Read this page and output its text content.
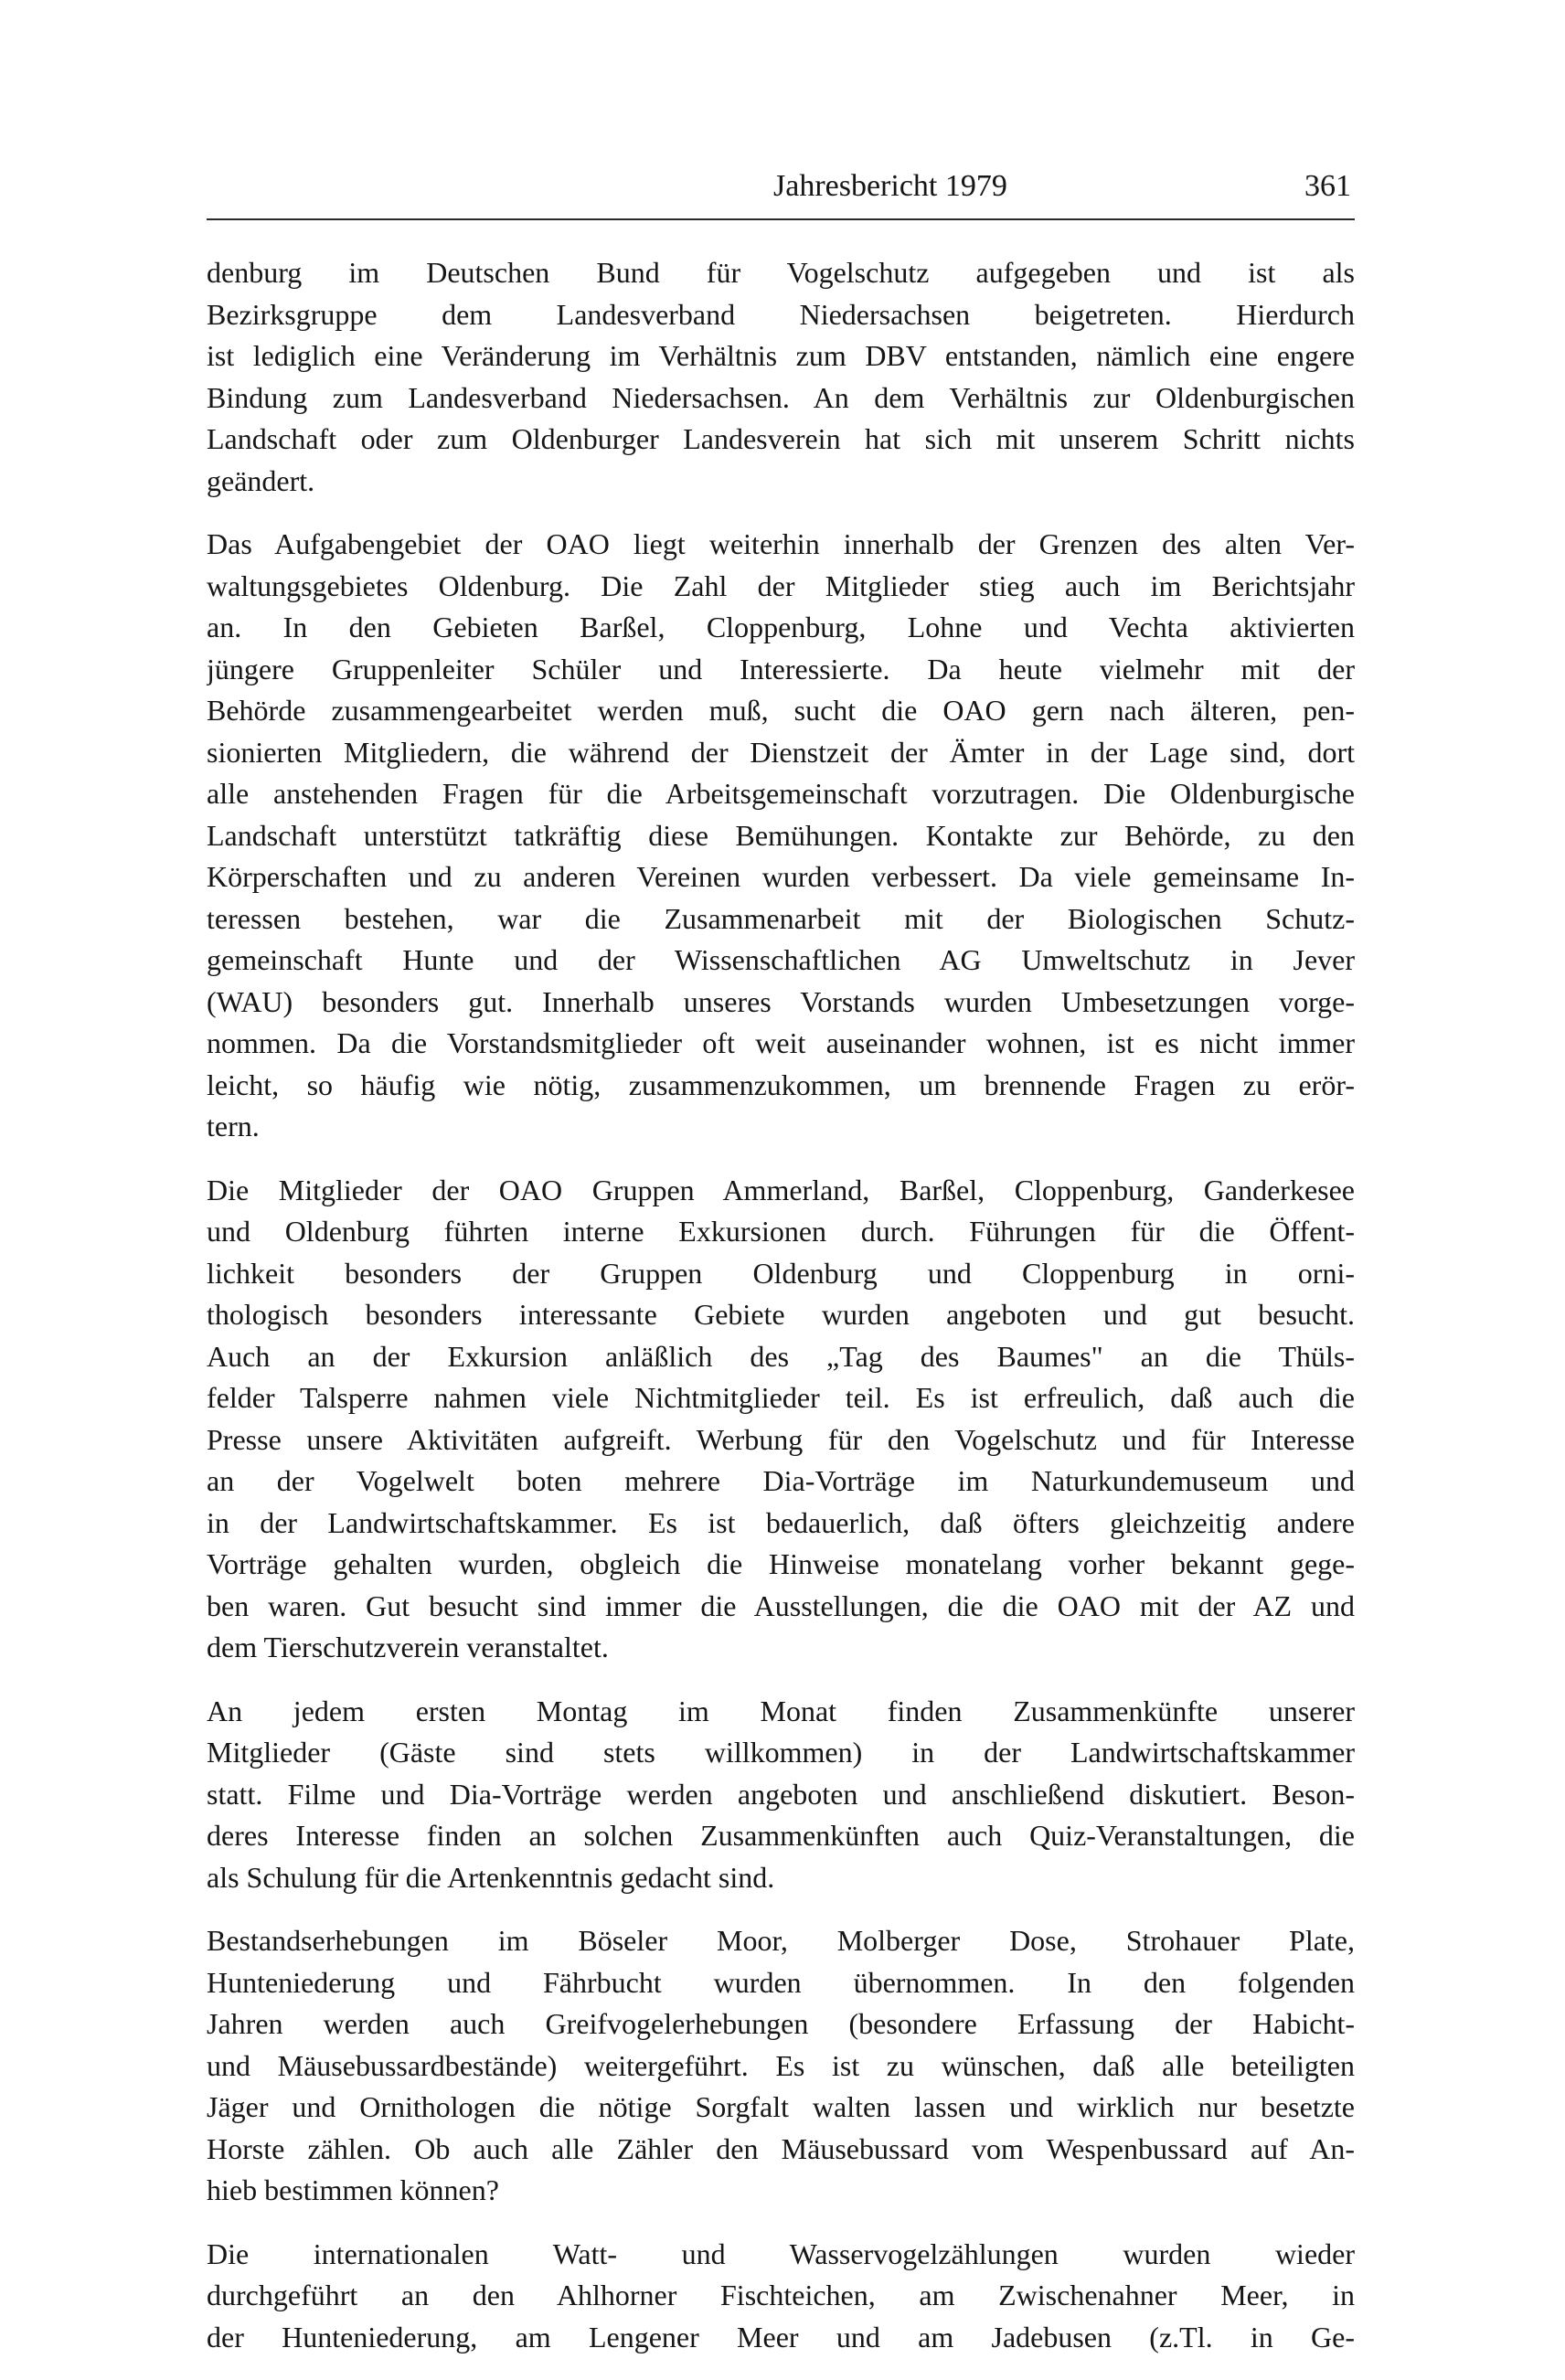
Jahresbericht 1979	361

denburg im Deutschen Bund für Vogelschutz aufgegeben und ist als
Bezirksgruppe dem Landesverband Niedersachsen beigetreten. Hierdurch
ist lediglich eine Veränderung im Verhältnis zum DBV entstanden, nämlich eine engere
Bindung zum Landesverband Niedersachsen. An dem Verhältnis zur Oldenburgischen
Landschaft oder zum Oldenburger Landesverein hat sich mit unserem Schritt nichts
geändert.

Das Aufgabengebiet der OAO liegt weiterhin innerhalb der Grenzen des alten Ver-
waltungsgebietes Oldenburg. Die Zahl der Mitglieder stieg auch im Berichtsjahr
an. In den Gebieten Barßel, Cloppenburg, Lohne und Vechta aktivierten
jüngere Gruppenleiter Schüler und Interessierte. Da heute vielmehr mit der
Behörde zusammengearbeitet werden muß, sucht die OAO gern nach älteren, pen-
sionierten Mitgliedern, die während der Dienstzeit der Ämter in der Lage sind, dort
alle anstehenden Fragen für die Arbeitsgemeinschaft vorzutragen. Die Oldenburgische
Landschaft unterstützt tatkräftig diese Bemühungen. Kontakte zur Behörde, zu den
Körperschaften und zu anderen Vereinen wurden verbessert. Da viele gemeinsame In-
teressen bestehen, war die Zusammenarbeit mit der Biologischen Schutz-
gemeinschaft Hunte und der Wissenschaftlichen AG Umweltschutz in Jever
(WAU) besonders gut. Innerhalb unseres Vorstands wurden Umbesetzungen vorge-
nommen. Da die Vorstandsmitglieder oft weit auseinander wohnen, ist es nicht immer
leicht, so häufig wie nötig, zusammenzukommen, um brennende Fragen zu erör-
tern.

Die Mitglieder der OAO Gruppen Ammerland, Barßel, Cloppenburg, Ganderkesee
und Oldenburg führten interne Exkursionen durch. Führungen für die Öffent-
lichkeit besonders der Gruppen Oldenburg und Cloppenburg in orni-
thologisch besonders interessante Gebiete wurden angeboten und gut besucht.
Auch an der Exkursion anläßlich des „Tag des Baumes" an die Thüls-
felder Talsperre nahmen viele Nichtmitglieder teil. Es ist erfreulich, daß auch die
Presse unsere Aktivitäten aufgreift. Werbung für den Vogelschutz und für Interesse
an der Vogelwelt boten mehrere Dia-Vorträge im Naturkundemuseum und
in der Landwirtschaftskammer. Es ist bedauerlich, daß öfters gleichzeitig andere
Vorträge gehalten wurden, obgleich die Hinweise monatelang vorher bekannt gege-
ben waren. Gut besucht sind immer die Ausstellungen, die die OAO mit der AZ und
dem Tierschutzverein veranstaltet.

An jedem ersten Montag im Monat finden Zusammenkünfte unserer
Mitglieder (Gäste sind stets willkommen) in der Landwirtschaftskammer
statt. Filme und Dia-Vorträge werden angeboten und anschließend diskutiert. Beson-
deres Interesse finden an solchen Zusammenkünften auch Quiz-Veranstaltungen, die
als Schulung für die Artenkenntnis gedacht sind.

Bestandserhebungen im Böseler Moor, Molberger Dose, Strohauer Plate,
Hunteniederung und Fährbucht wurden übernommen. In den folgenden
Jahren werden auch Greifvogelerhebungen (besondere Erfassung der Habicht-
und Mäusebussardbestände) weitergeführt. Es ist zu wünschen, daß alle beteiligten
Jäger und Ornithologen die nötige Sorgfalt walten lassen und wirklich nur besetzte
Horste zählen. Ob auch alle Zähler den Mäusebussard vom Wespenbussard auf An-
hieb bestimmen können?

Die internationalen Watt- und Wasservogelzählungen wurden wieder
durchgeführt an den Ahlhorner Fischteichen, am Zwischenahner Meer, in
der Hunteniederung, am Lengener Meer und am Jadebusen (z.Tl. in Ge-
